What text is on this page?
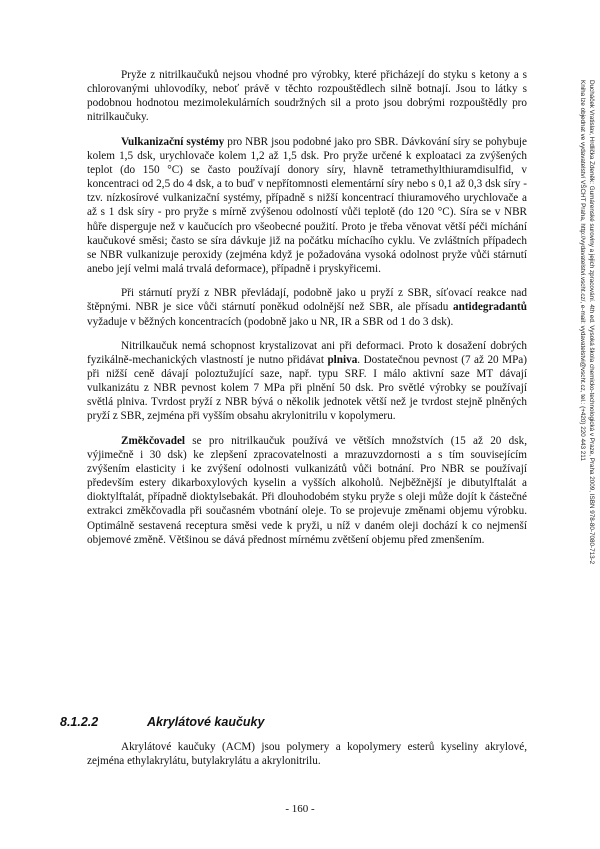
Pryže z nitrilkaučuků nejsou vhodné pro výrobky, které přicházejí do styku s ketony a s chlorovanými uhlovodíky, neboť právě v těchto rozpouštědlech silně botnají. Jsou to látky s podobnou hodnotou mezimolekulárních soudržných sil a proto jsou dobrými rozpouštědly pro nitrilkaučuky.

Vulkanizační systémy pro NBR jsou podobné jako pro SBR. Dávkování síry se pohybuje kolem 1,5 dsk, urychlovače kolem 1,2 až 1,5 dsk. Pro pryže určené k exploataci za zvýšených teplot (do 150 °C) se často používají donory síry, hlavně tetramethylthiuramdisulfid, v koncentraci od 2,5 do 4 dsk, a to buď v nepřítomnosti elementární síry nebo s 0,1 až 0,3 dsk síry - tzv. nízkosírové vulkanizační systémy, případně s nižší koncentrací thiuramového urychlovače a až s 1 dsk síry - pro pryže s mírně zvýšenou odolností vůči teplotě (do 120 °C). Síra se v NBR hůře disperguje než v kaučucích pro všeobecné použití. Proto je třeba věnovat větší péči míchání kaučukové směsi; často se síra dávkuje již na počátku míchacího cyklu. Ve zvláštních případech se NBR vulkanizuje peroxidy (zejména když je požadována vysoká odolnost pryže vůči stárnutí anebo její velmi malá trvalá deformace), případně i pryskyřicemi.

Při stárnutí pryží z NBR převládají, podobně jako u pryží z SBR, síťovací reakce nad štěpnými. NBR je sice vůči stárnutí poněkud odolnější než SBR, ale přísadu antidegradantů vyžaduje v běžných koncentracích (podobně jako u NR, IR a SBR od 1 do 3 dsk).

Nitrilkaučuk nemá schopnost krystalizovat ani při deformaci. Proto k dosažení dobrých fyzikálně-mechanických vlastností je nutno přidávat plniva. Dostatečnou pevnost (7 až 20 MPa) při nižší ceně dávají poloztužující saze, např. typu SRF. I málo aktivní saze MT dávají vulkanizátu z NBR pevnost kolem 7 MPa při plnění 50 dsk. Pro světlé výrobky se používají světlá plniva. Tvrdost pryží z NBR bývá o několik jednotek větší než je tvrdost stejně plněných pryží z SBR, zejména při vyšším obsahu akrylonitrilu v kopolymeru.

Změkčovadel se pro nitrilkaučuk používá ve větších množstvích (15 až 20 dsk, výjimečně i 30 dsk) ke zlepšení zpracovatelnosti a mrazuvzdornosti a s tím souvisejícím zvýšením elasticity i ke zvýšení odolnosti vulkanizátů vůči botnání. Pro NBR se používají především estery dikarboxylových kyselin a vyšších alkoholů. Nejběžnější je dibutylftalát a dioktylftalát, případně dioktylsebakát. Při dlouhodobém styku pryže s oleji může dojít k částečné extrakci změkčovadla při současném vbotnání oleje. To se projevuje změnami objemu výrobku. Optimálně sestavená receptura směsi vede k pryži, u níž v daném oleji dochází k co nejmenší objemové změně. Většinou se dává přednost mírnému zvětšení objemu před zmenšením.

8.1.2.2	Akrylátové kaučuky

Akrylátové kaučuky (ACM) jsou polymery a kopolymery esterů kyseliny akrylové, zejména ethylakrylátu, butylakrylátu a akrylonitrilu.

- 160 -
Ducháček Vratislav, Hrdlička Zdeněk: Gumárenské suroviny a jejich zpracování. 4th ed. Vysoká škola chemicko-technologická v Praze, Praha 2009, ISBN 978-80-7080-713-2
Kniha lze objednat ve vydavatelství VŠCHT Praha, http://vydavatelstvi.vscht.cz/, e-mail: vydavatelstvi@vscht.cz, tel.: (+420) 220 443 211
